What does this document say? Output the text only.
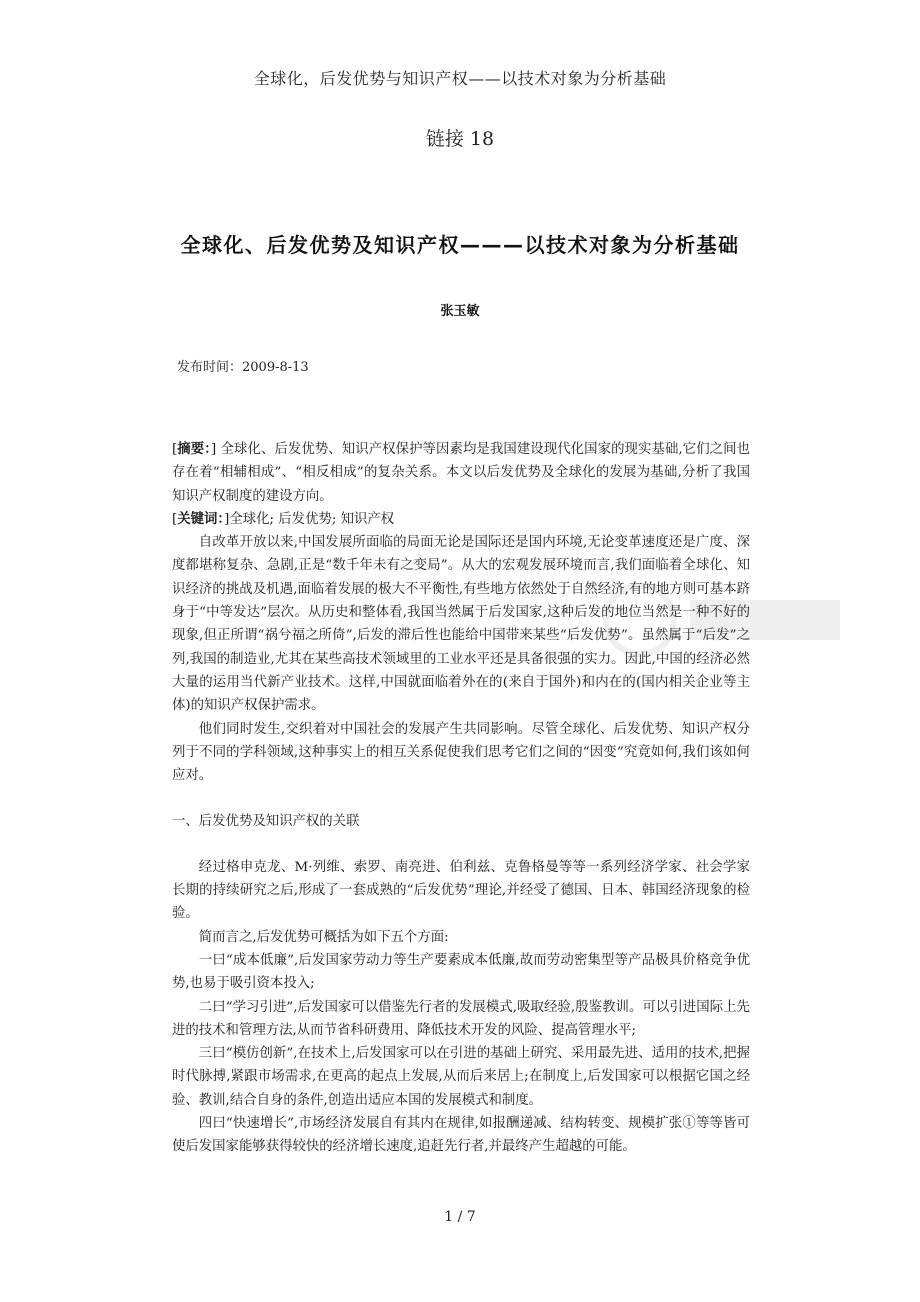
全球化，后发优势与知识产权——以技术对象为分析基础
链接 18
全球化、后发优势及知识产权———以技术对象为分析基础
张玉敏
发布时间：2009-8-13

[摘要：] 全球化、后发优势、知识产权保护等因素均是我国建设现代化国家的现实基础,它们之间也存在着“相辅相成”、“相反相成”的复杂关系。本文以后发优势及全球化的发展为基础,分析了我国知识产权制度的建设方向。

[关键词：]全球化; 后发优势; 知识产权

自改革开放以来,中国发展所面临的局面无论是国际还是国内环境,无论变革速度还是广度、深度都堪称复杂、急剧,正是“数千年未有之变局”。从大的宏观发展环境而言,我们面临着全球化、知识经济的挑战及机遇,面临着发展的极大不平衡性,有些地方依然处于自然经济,有的地方则可基本跻身于“中等发达”层次。从历史和整体看,我国当然属于后发国家,这种后发的地位当然是一种不好的现象,但正所谓“祸兮福之所倚”,后发的滞后性也能给中国带来某些“后发优势”。虽然属于“后发”之列,我国的制造业,尤其在某些高技术领域里的工业水平还是具备很强的实力。因此,中国的经济必然大量的运用当代新产业技术。这样,中国就面临着外在的(来自于国外)和内在的(国内相关企业等主体)的知识产权保护需求。

他们同时发生,交织着对中国社会的发展产生共同影响。尽管全球化、后发优势、知识产权分列于不同的学科领域,这种事实上的相互关系促使我们思考它们之间的“因变”究竟如何,我们该如何应对。

一、后发优势及知识产权的关联

经过格申克龙、M·列维、索罗、南亮进、伯利兹、克鲁格曼等等一系列经济学家、社会学家长期的持续研究之后,形成了一套成熟的“后发优势”理论,并经受了德国、日本、韩国经济现象的检验。

简而言之,后发优势可概括为如下五个方面:

一曰“成本低廉”,后发国家劳动力等生产要素成本低廉,故而劳动密集型等产品极具价格竞争优势,也易于吸引资本投入;

二曰“学习引进”,后发国家可以借鉴先行者的发展模式,吸取经验,殷鉴教训。可以引进国际上先进的技术和管理方法,从而节省科研费用、降低技术开发的风险、提高管理水平;

三曰“模仿创新”,在技术上,后发国家可以在引进的基础上研究、采用最先进、适用的技术,把握时代脉搏,紧跟市场需求,在更高的起点上发展,从而后来居上;在制度上,后发国家可以根据它国之经验、教训,结合自身的条件,创造出适应本国的发展模式和制度。

四曰“快速增长”,市场经济发展自有其内在规律,如报酬递减、结构转变、规模扩张①等等皆可使后发国家能够获得较快的经济增长速度,追赶先行者,并最终产生超越的可能。

1 / 7
